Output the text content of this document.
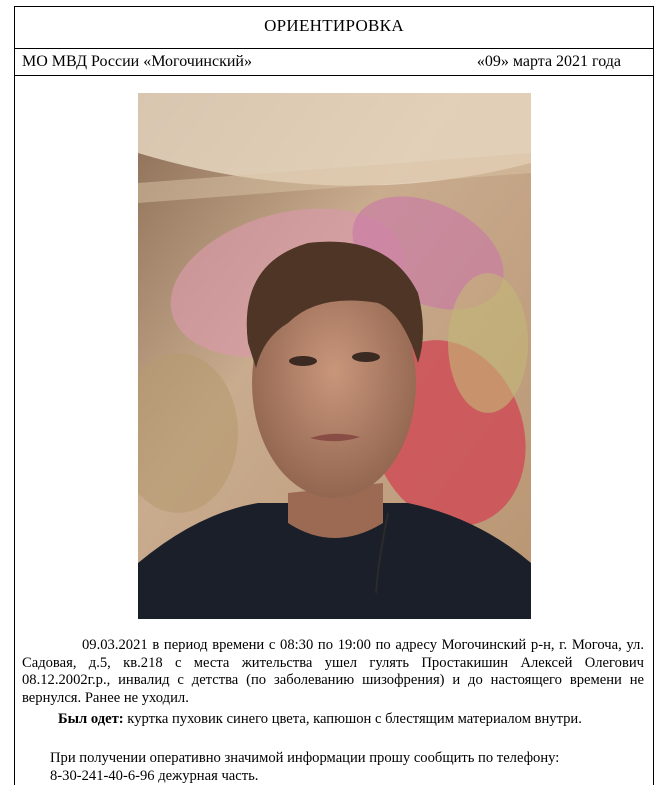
ОРИЕНТИРОВКА
МО МВД России «Могочинский»	«09» марта 2021 года
09.03.2021 в период времени с 08:30 по 19:00 по адресу Могочинский р-н, г. Могоча, ул. Садовая, д.5, кв.218 с места жительства ушел гулять Простакишин Алексей Олегович 08.12.2002г.р., инвалид с детства (по заболеванию шизофрения) и до настоящего времени не вернулся. Ранее не уходил.
Был одет: куртка пуховик синего цвета, капюшон с блестящим материалом внутри.
При получении оперативно значимой информации прошу сообщить по телефону:
8-30-241-40-6-96 дежурная часть.
